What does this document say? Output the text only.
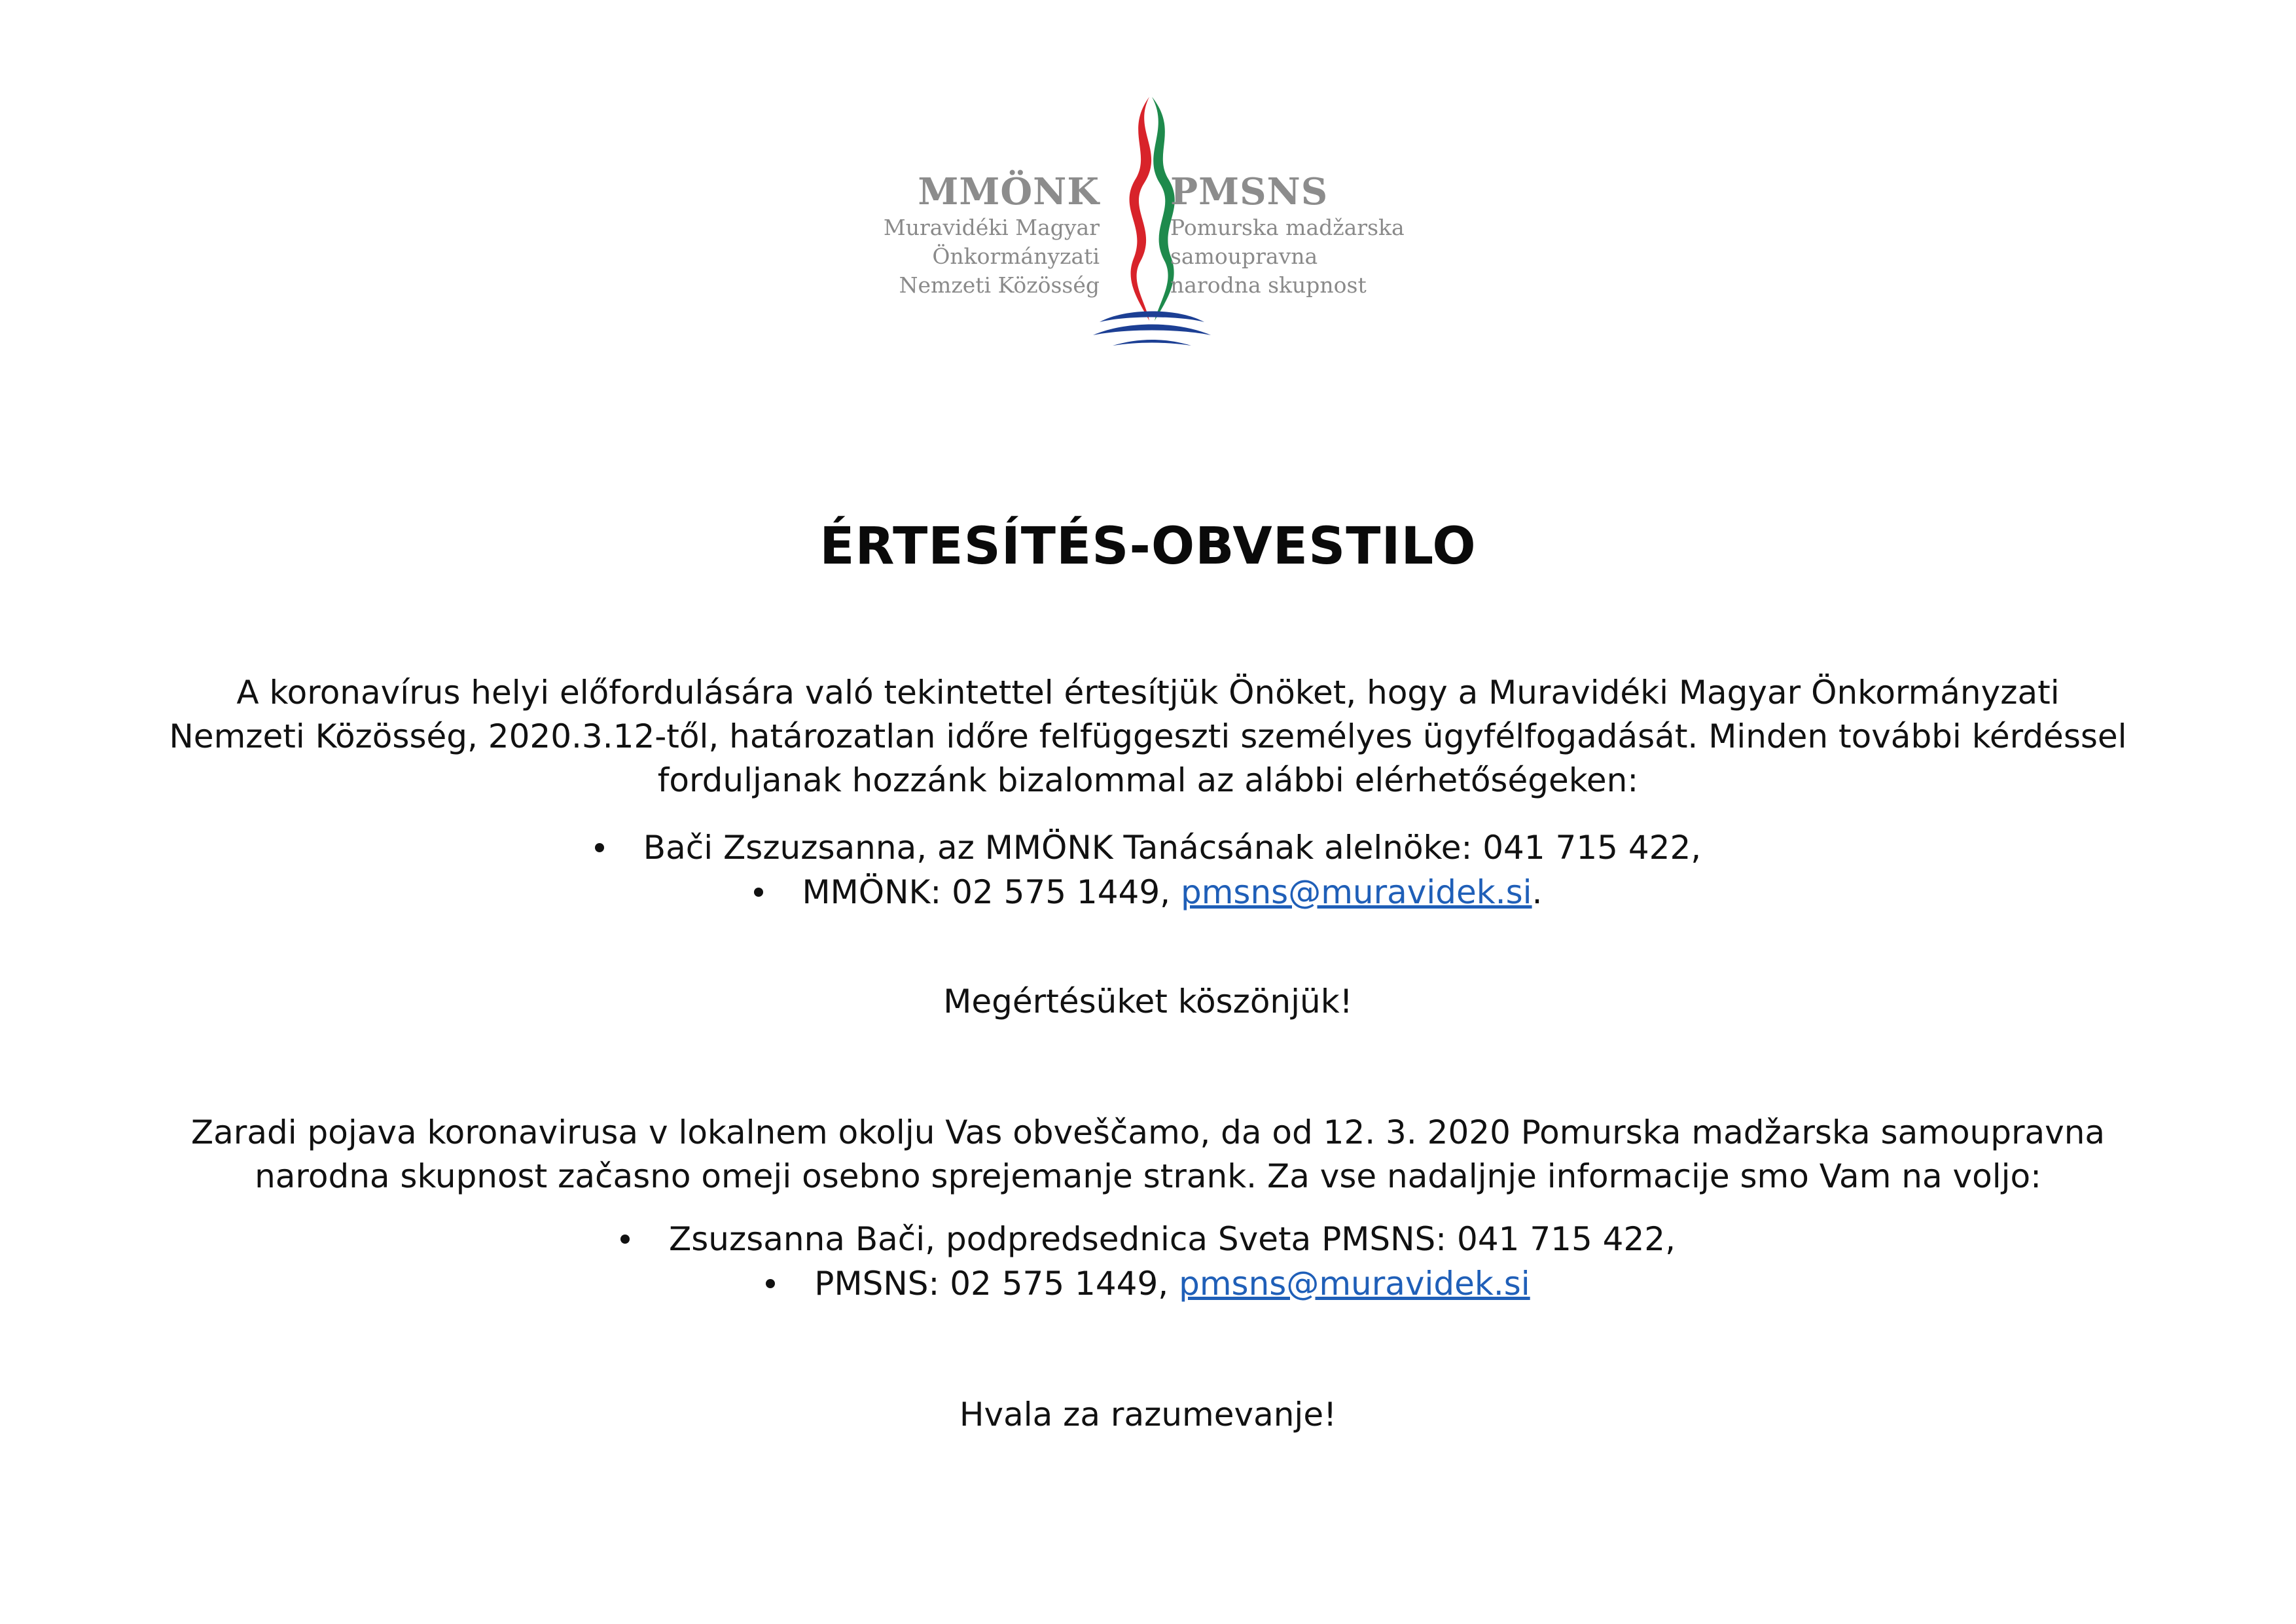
MMÖNK
Muravidéki Magyar
Önkormányzati
Nemzeti Közösség
PMSNS
Pomurska madžarska
samoupravna
narodna skupnost
ÉRTESÍTÉS-OBVESTILO
A koronavírus helyi előfordulására való tekintettel értesítjük Önöket, hogy a Muravidéki Magyar Önkormányzati Nemzeti Közösség, 2020.3.12-től, határozatlan időre felfüggeszti személyes ügyfélfogadását. Minden további kérdéssel forduljanak hozzánk bizalommal az alábbi elérhetőségeken:
Bači Zszuzsanna, az MMÖNK Tanácsának alelnöke: 041 715 422,
MMÖNK: 02 575 1449, pmsns@muravidek.si.
Megértésüket köszönjük!
Zaradi pojava koronavirusa v lokalnem okolju Vas obveščamo, da od 12. 3. 2020 Pomurska madžarska samoupravna narodna skupnost začasno omeji osebno sprejemanje strank. Za vse nadaljnje informacije smo Vam na voljo:
Zsuzsanna Bači, podpredsednica Sveta PMSNS: 041 715 422,
PMSNS: 02 575 1449, pmsns@muravidek.si
Hvala za razumevanje!
